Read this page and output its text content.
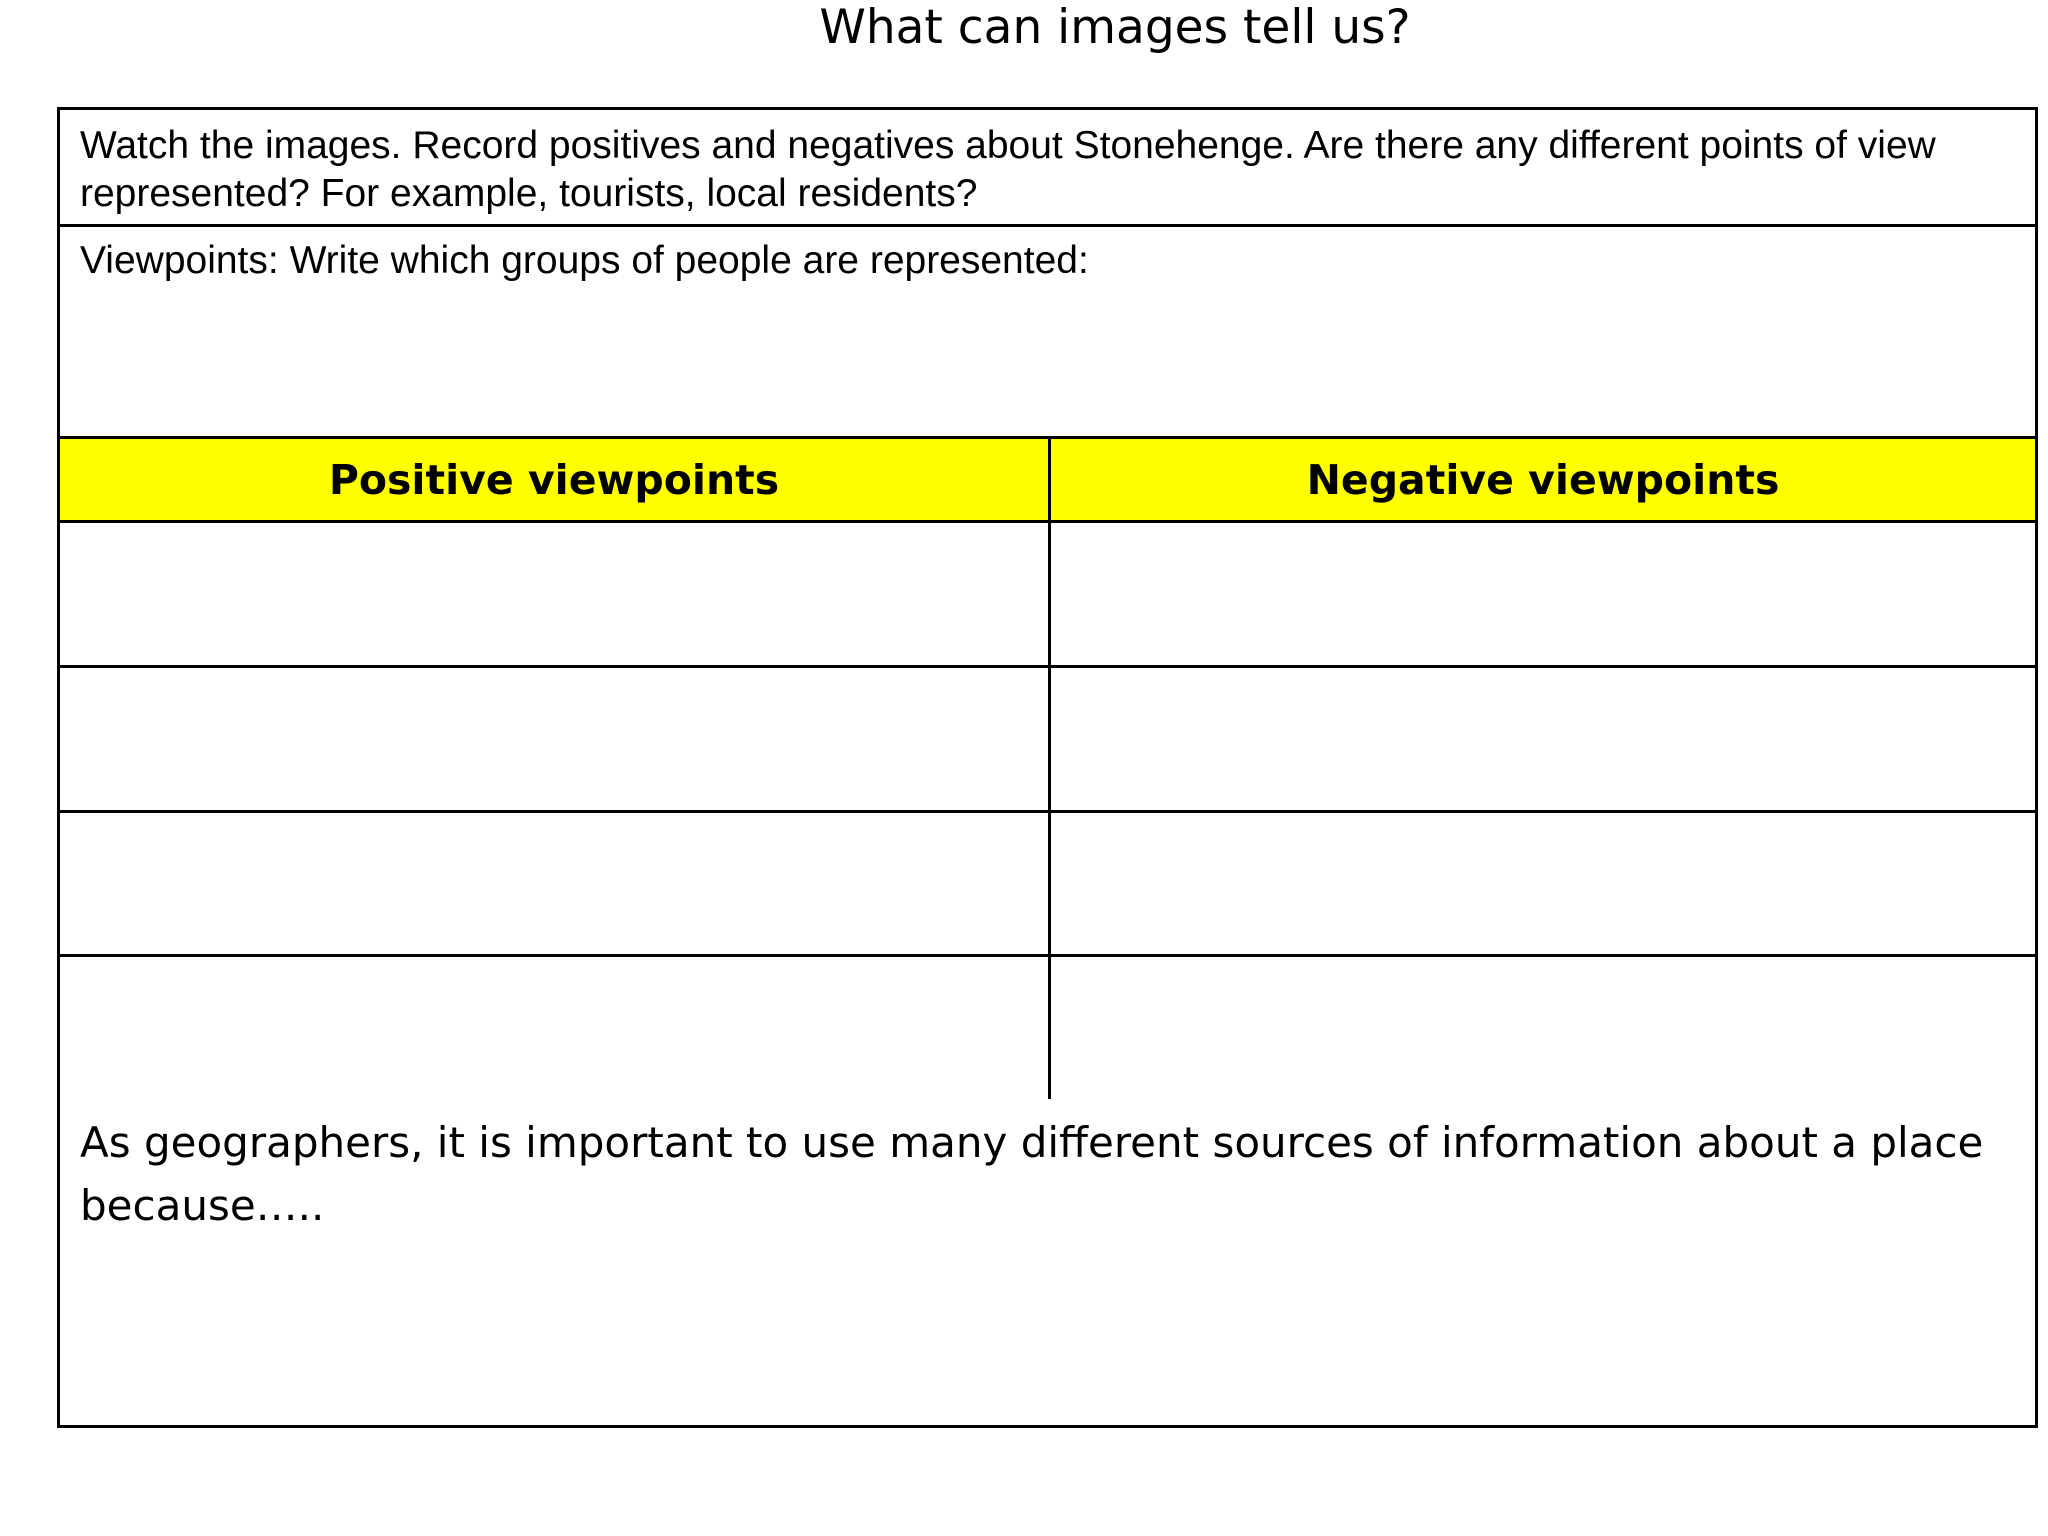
What can images tell us?
Watch the images. Record positives and negatives about Stonehenge. Are there any different points of view represented? For example, tourists, local residents?
Viewpoints: Write which groups of people are represented:
Positive viewpoints	Negative viewpoints

As geographers, it is important to use many different sources of information about a place because…..
